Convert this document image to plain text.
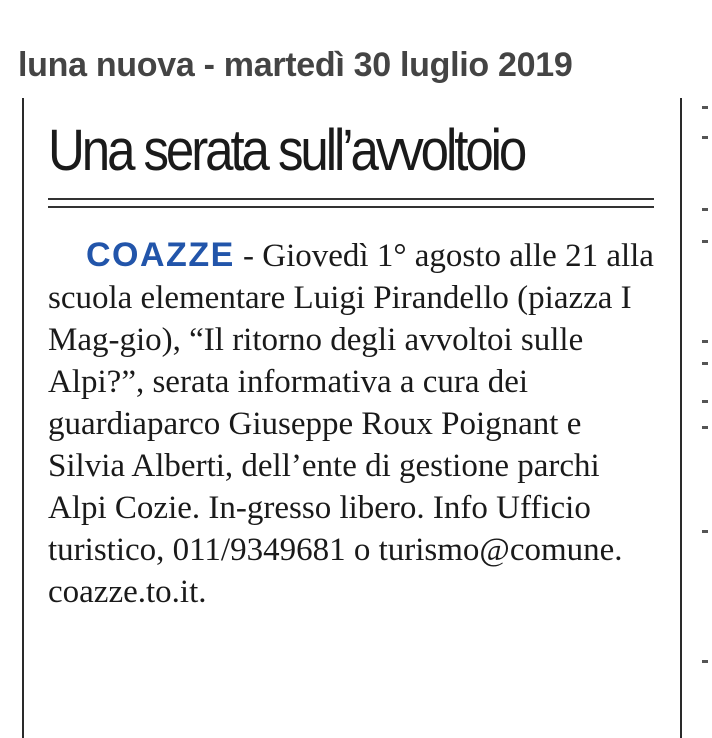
luna nuova - martedì 30 luglio 2019

Una serata sull’avvoltoio

COAZZE - Giovedì 1° agosto alle 21 alla scuola elementare Luigi Pirandello (piazza I Mag-gio), “Il ritorno degli avvoltoi sulle Alpi?”, serata informativa a cura dei guardiaparco Giuseppe Roux Poignant e Silvia Alberti, dell’ente di gestione parchi Alpi Cozie. In-gresso libero. Info Ufficio turistico, 011/9349681 o turismo@comune. coazze.to.it.
